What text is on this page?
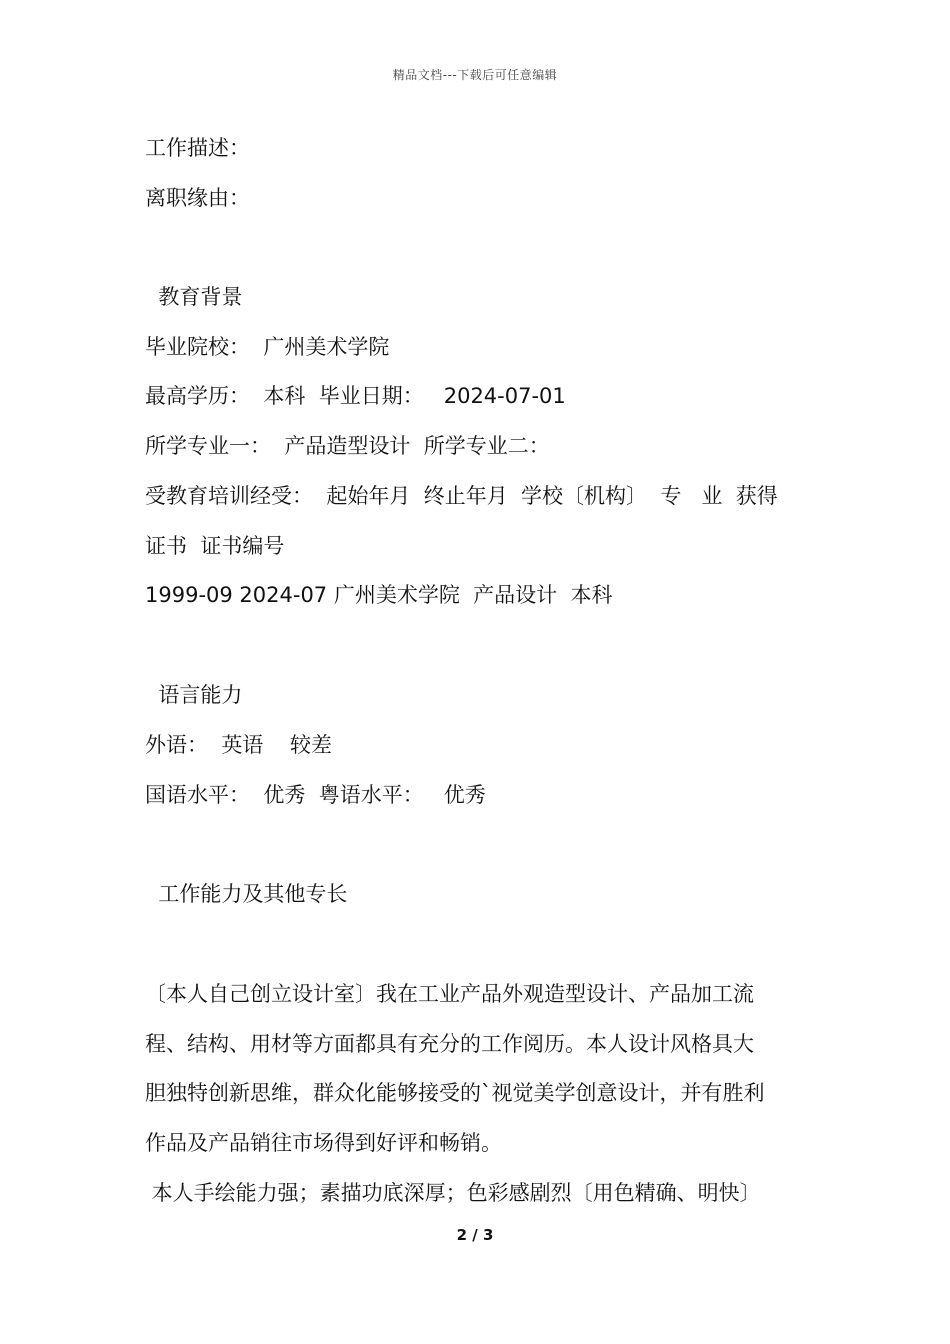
精品文档---下载后可任意编辑
工作描述：
离职缘由：
教育背景
毕业院校：  广州美术学院
最高学历：  本科  毕业日期：   2024-07-01
所学专业一：  产品造型设计  所学专业二：
受教育培训经受：  起始年月  终止年月  学校〔机构〕  专   业  获得
证书  证书编号
1999-09 2024-07 广州美术学院  产品设计  本科
语言能力
外语：  英语    较差
国语水平：  优秀  粤语水平：   优秀
工作能力及其他专长
〔本人自己创立设计室〕我在工业产品外观造型设计、产品加工流
程、结构、用材等方面都具有充分的工作阅历。本人设计风格具大
胆独特创新思维，群众化能够接受的`视觉美学创意设计，并有胜利
作品及产品销往市场得到好评和畅销。
本人手绘能力强；素描功底深厚；色彩感剧烈〔用色精确、明快〕
2 / 3
